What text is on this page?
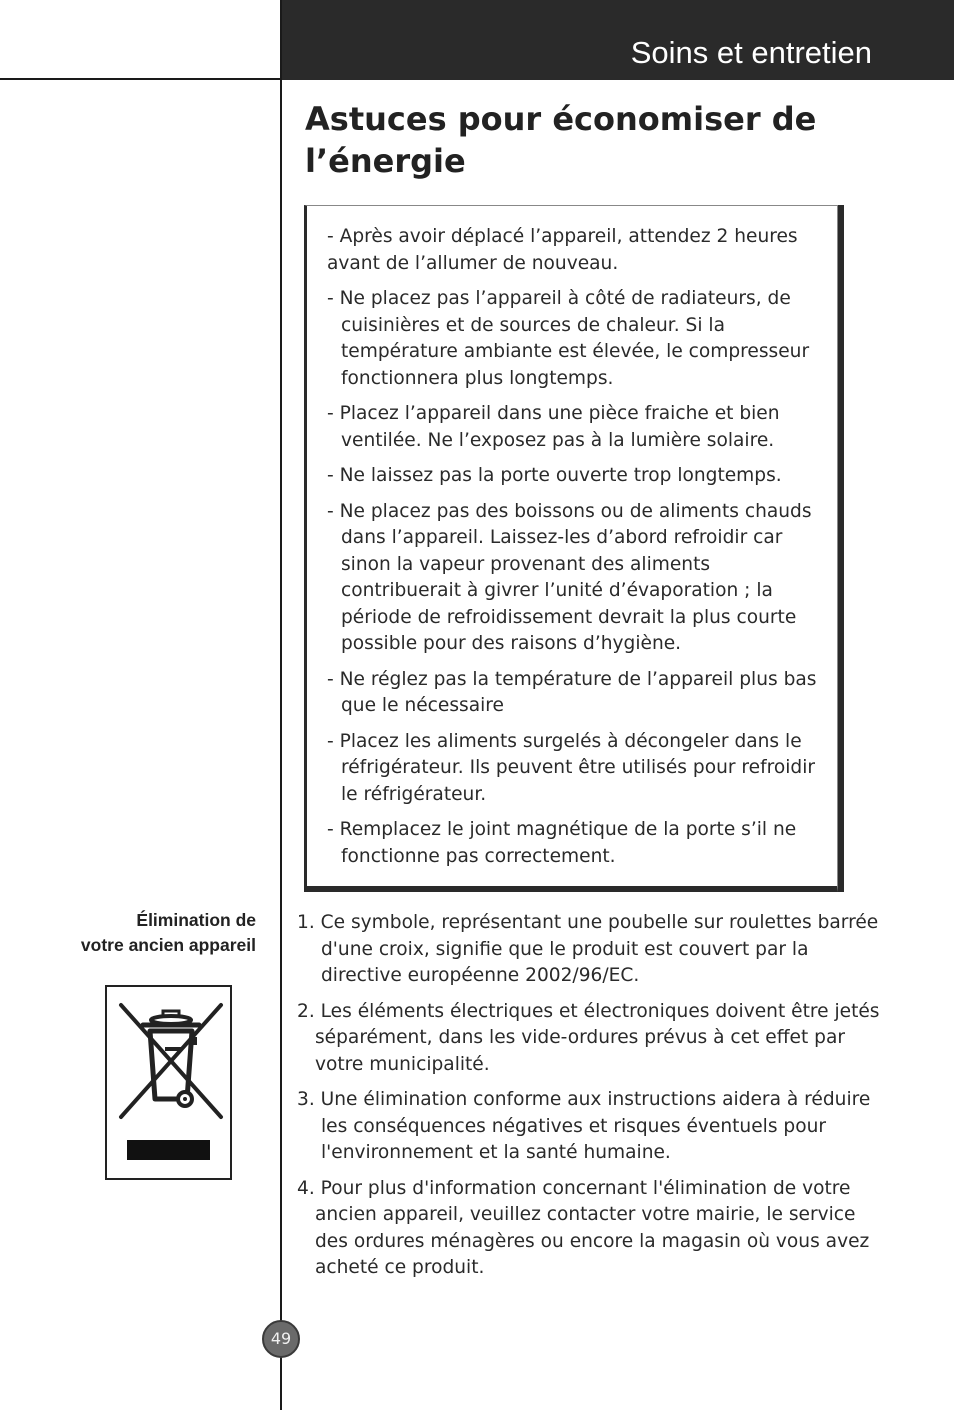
Soins et entretien
Astuces pour économiser de l’énergie
- Après avoir déplacé l’appareil, attendez 2 heures avant de l’allumer de nouveau.
- Ne placez pas l’appareil à côté de radiateurs, de cuisinières et de sources de chaleur. Si la température ambiante est élevée, le compresseur fonctionnera plus longtemps.
- Placez l’appareil dans une pièce fraiche et bien ventilée. Ne l’exposez pas à la lumière solaire.
- Ne laissez pas la porte ouverte trop longtemps.
- Ne placez pas des boissons ou de aliments chauds dans l’appareil. Laissez-les d’abord refroidir car sinon la vapeur provenant des aliments contribuerait à givrer l’unité d’évaporation ; la période de refroidissement devrait la plus courte possible pour des raisons d’hygiène.
- Ne réglez pas la température de l’appareil plus bas que le nécessaire
- Placez les aliments surgelés à décongeler dans le réfrigérateur. Ils peuvent être utilisés pour refroidir le réfrigérateur.
- Remplacez le joint magnétique de la porte s’il ne fonctionne pas correctement.
Élimination de
votre ancien appareil
1. Ce symbole, représentant une poubelle sur roulettes barrée d'une croix, signifie que le produit est couvert par la directive européenne 2002/96/EC.
2. Les éléments électriques et électroniques doivent être jetés séparément, dans les vide-ordures prévus à cet effet par votre municipalité.
3. Une élimination conforme aux instructions aidera à réduire les conséquences négatives et risques éventuels pour l'environnement et la santé humaine.
4. Pour plus d'information concernant l'élimination de votre ancien appareil, veuillez contacter votre mairie, le service des ordures ménagères ou encore la magasin où vous avez acheté ce produit.
49
